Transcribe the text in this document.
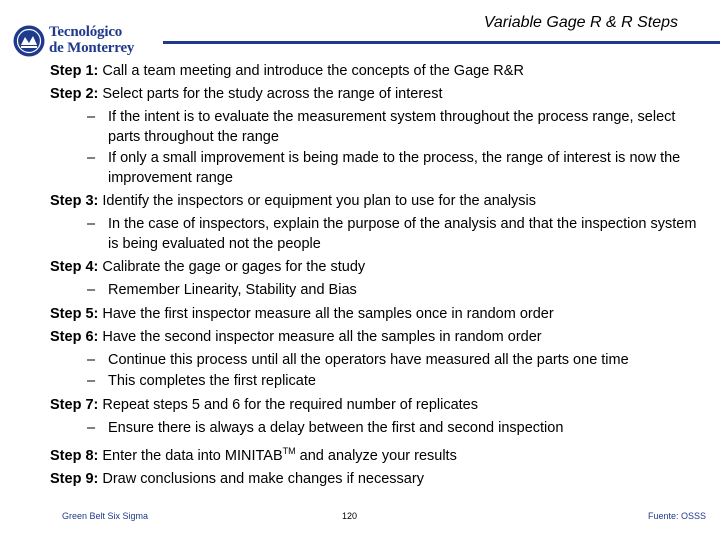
Tecnológico
de Monterrey
Variable Gage R & R Steps
Step 1: Call a team meeting and introduce the concepts of the Gage R&R
Step 2: Select parts for the study across the range of interest
– If the intent is to evaluate the measurement system throughout the process range, select parts throughout the range
– If only a small improvement is being made to the process, the range of interest is now the improvement range
Step 3: Identify the inspectors or equipment you plan to use for the analysis
– In the case of inspectors, explain the purpose of the analysis and that the inspection system is being evaluated not the people
Step 4: Calibrate the gage or gages for the study
– Remember Linearity, Stability and Bias
Step 5: Have the first inspector measure all the samples once in random order
Step 6: Have the second inspector measure all the samples in random order
– Continue this process until all the operators have measured all the parts one time
– This completes the first replicate
Step 7: Repeat steps 5 and 6 for the required number of replicates
– Ensure there is always a delay between the first and second inspection
Step 8: Enter the data into MINITAB™ and analyze your results
Step 9: Draw conclusions and make changes if necessary
Green Belt Six Sigma	120	Fuente: OSSS
